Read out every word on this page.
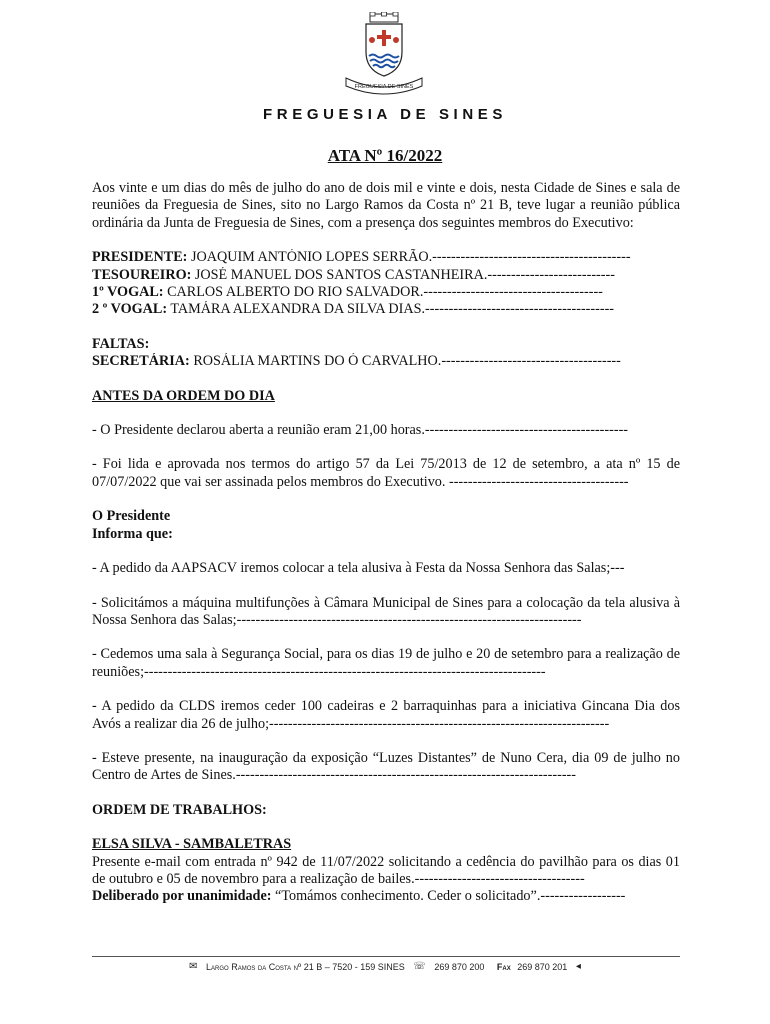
FREGUESIA DE SINES
FREGUESIA DE SINES
ATA Nº 16/2022

Aos vinte e um dias do mês de julho do ano de dois mil e vinte e dois, nesta Cidade de Sines e sala de reuniões da Freguesia de Sines, sito no Largo Ramos da Costa nº 21 B, teve lugar a reunião pública ordinária da Junta de Freguesia de Sines, com a presença dos seguintes membros do Executivo:

PRESIDENTE: JOAQUIM ANTÓNIO LOPES SERRÃO.------------------------------------------
TESOUREIRO: JOSÉ MANUEL DOS SANTOS CASTANHEIRA.---------------------------
1º VOGAL: CARLOS ALBERTO DO RIO SALVADOR.--------------------------------------
2 º VOGAL: TAMÁRA ALEXANDRA DA SILVA DIAS.----------------------------------------
FALTAS:
SECRETÁRIA: ROSÁLIA MARTINS DO Ó CARVALHO.--------------------------------------
ANTES DA ORDEM DO DIA

- O Presidente declarou aberta a reunião eram 21,00 horas.-------------------------------------------

- Foi lida e aprovada nos termos do artigo 57 da Lei 75/2013 de 12 de setembro, a ata nº 15 de 07/07/2022 que vai ser assinada pelos membros do Executivo. --------------------------------------

O Presidente
Informa que:

- A pedido da AAPSACV iremos colocar a tela alusiva à Festa da Nossa Senhora das Salas;---

- Solicitámos a máquina multifunções à Câmara Municipal de Sines para a colocação da tela alusiva à Nossa Senhora das Salas;-------------------------------------------------------------------------

- Cedemos uma sala à Segurança Social, para os dias 19 de julho e 20 de setembro para a realização de reuniões;-------------------------------------------------------------------------------------

- A pedido da CLDS iremos ceder 100 cadeiras e 2 barraquinhas para a iniciativa Gincana Dia dos Avós a realizar dia 26 de julho;------------------------------------------------------------------------

- Esteve presente, na inauguração da exposição “Luzes Distantes” de Nuno Cera, dia 09 de julho no Centro de Artes de Sines.------------------------------------------------------------------------

ORDEM DE TRABALHOS:
ELSA SILVA - SAMBALETRAS

Presente e-mail com entrada nº 942 de 11/07/2022 solicitando a cedência do pavilhão para os dias 01 de outubro e 05 de novembro para a realização de bailes.------------------------------------

Deliberado por unanimidade: “Tomámos conhecimento. Ceder o solicitado”.------------------
✉ Largo Ramos da Costa nº 21 B – 7520 - 159 SINES ☏ 269 870 200 Fax 269 870 201 ◂
